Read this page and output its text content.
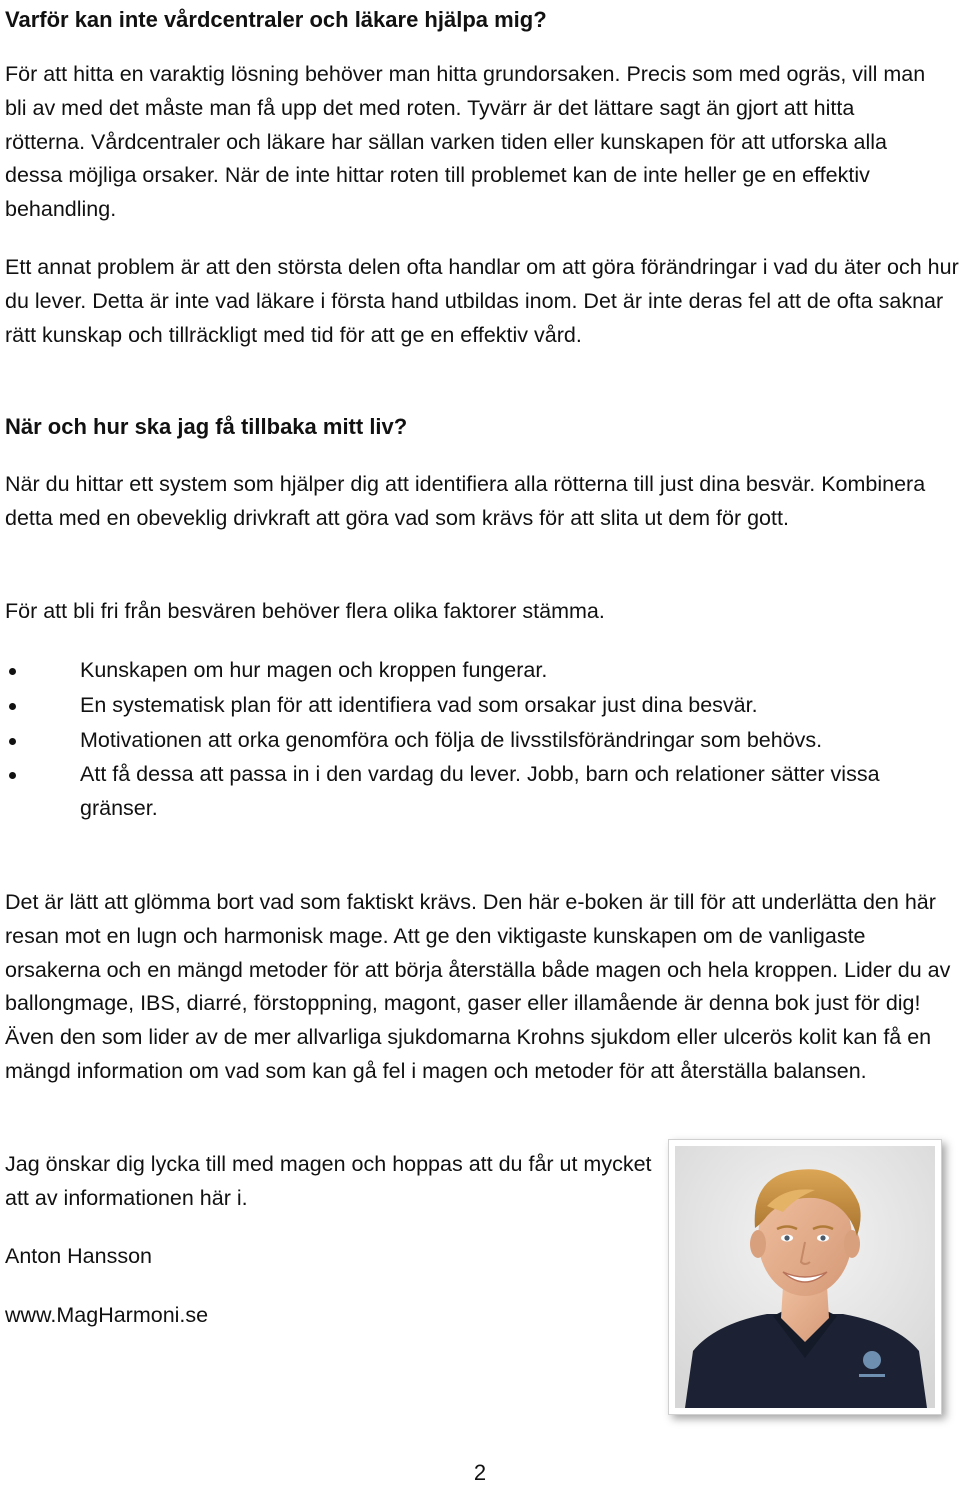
Varför kan inte vårdcentraler och läkare hjälpa mig?

För att hitta en varaktig lösning behöver man hitta grundorsaken. Precis som med ogräs, vill man bli av med det måste man få upp det med roten. Tyvärr är det lättare sagt än gjort att hitta rötterna. Vårdcentraler och läkare har sällan varken tiden eller kunskapen för att utforska alla dessa möjliga orsaker. När de inte hittar roten till problemet kan de inte heller ge en effektiv behandling.

Ett annat problem är att den största delen ofta handlar om att göra förändringar i vad du äter och hur du lever. Detta är inte vad läkare i första hand utbildas inom. Det är inte deras fel att de ofta saknar rätt kunskap och tillräckligt med tid för att ge en effektiv vård.

När och hur ska jag få tillbaka mitt liv?

När du hittar ett system som hjälper dig att identifiera alla rötterna till just dina besvär. Kombinera detta med en obeveklig drivkraft att göra vad som krävs för att slita ut dem för gott.

För att bli fri från besvären behöver flera olika faktorer stämma.

Kunskapen om hur magen och kroppen fungerar.
En systematisk plan för att identifiera vad som orsakar just dina besvär.
Motivationen att orka genomföra och följa de livsstilsförändringar som behövs.
Att få dessa att passa in i den vardag du lever. Jobb, barn och relationer sätter vissa gränser.

Det är lätt att glömma bort vad som faktiskt krävs. Den här e-boken är till för att underlätta den här resan mot en lugn och harmonisk mage. Att ge den viktigaste kunskapen om de vanligaste orsakerna och en mängd metoder för att börja återställa både magen och hela kroppen. Lider du av ballongmage, IBS, diarré, förstoppning, magont, gaser eller illamående är denna bok just för dig! Även den som lider av de mer allvarliga sjukdomarna Krohns sjukdom eller ulcerös kolit kan få en mängd information om vad som kan gå fel i magen och metoder för att återställa balansen.

Jag önskar dig lycka till med magen och hoppas att du får ut mycket att av informationen här i.

Anton Hansson

www.MagHarmoni.se

2
